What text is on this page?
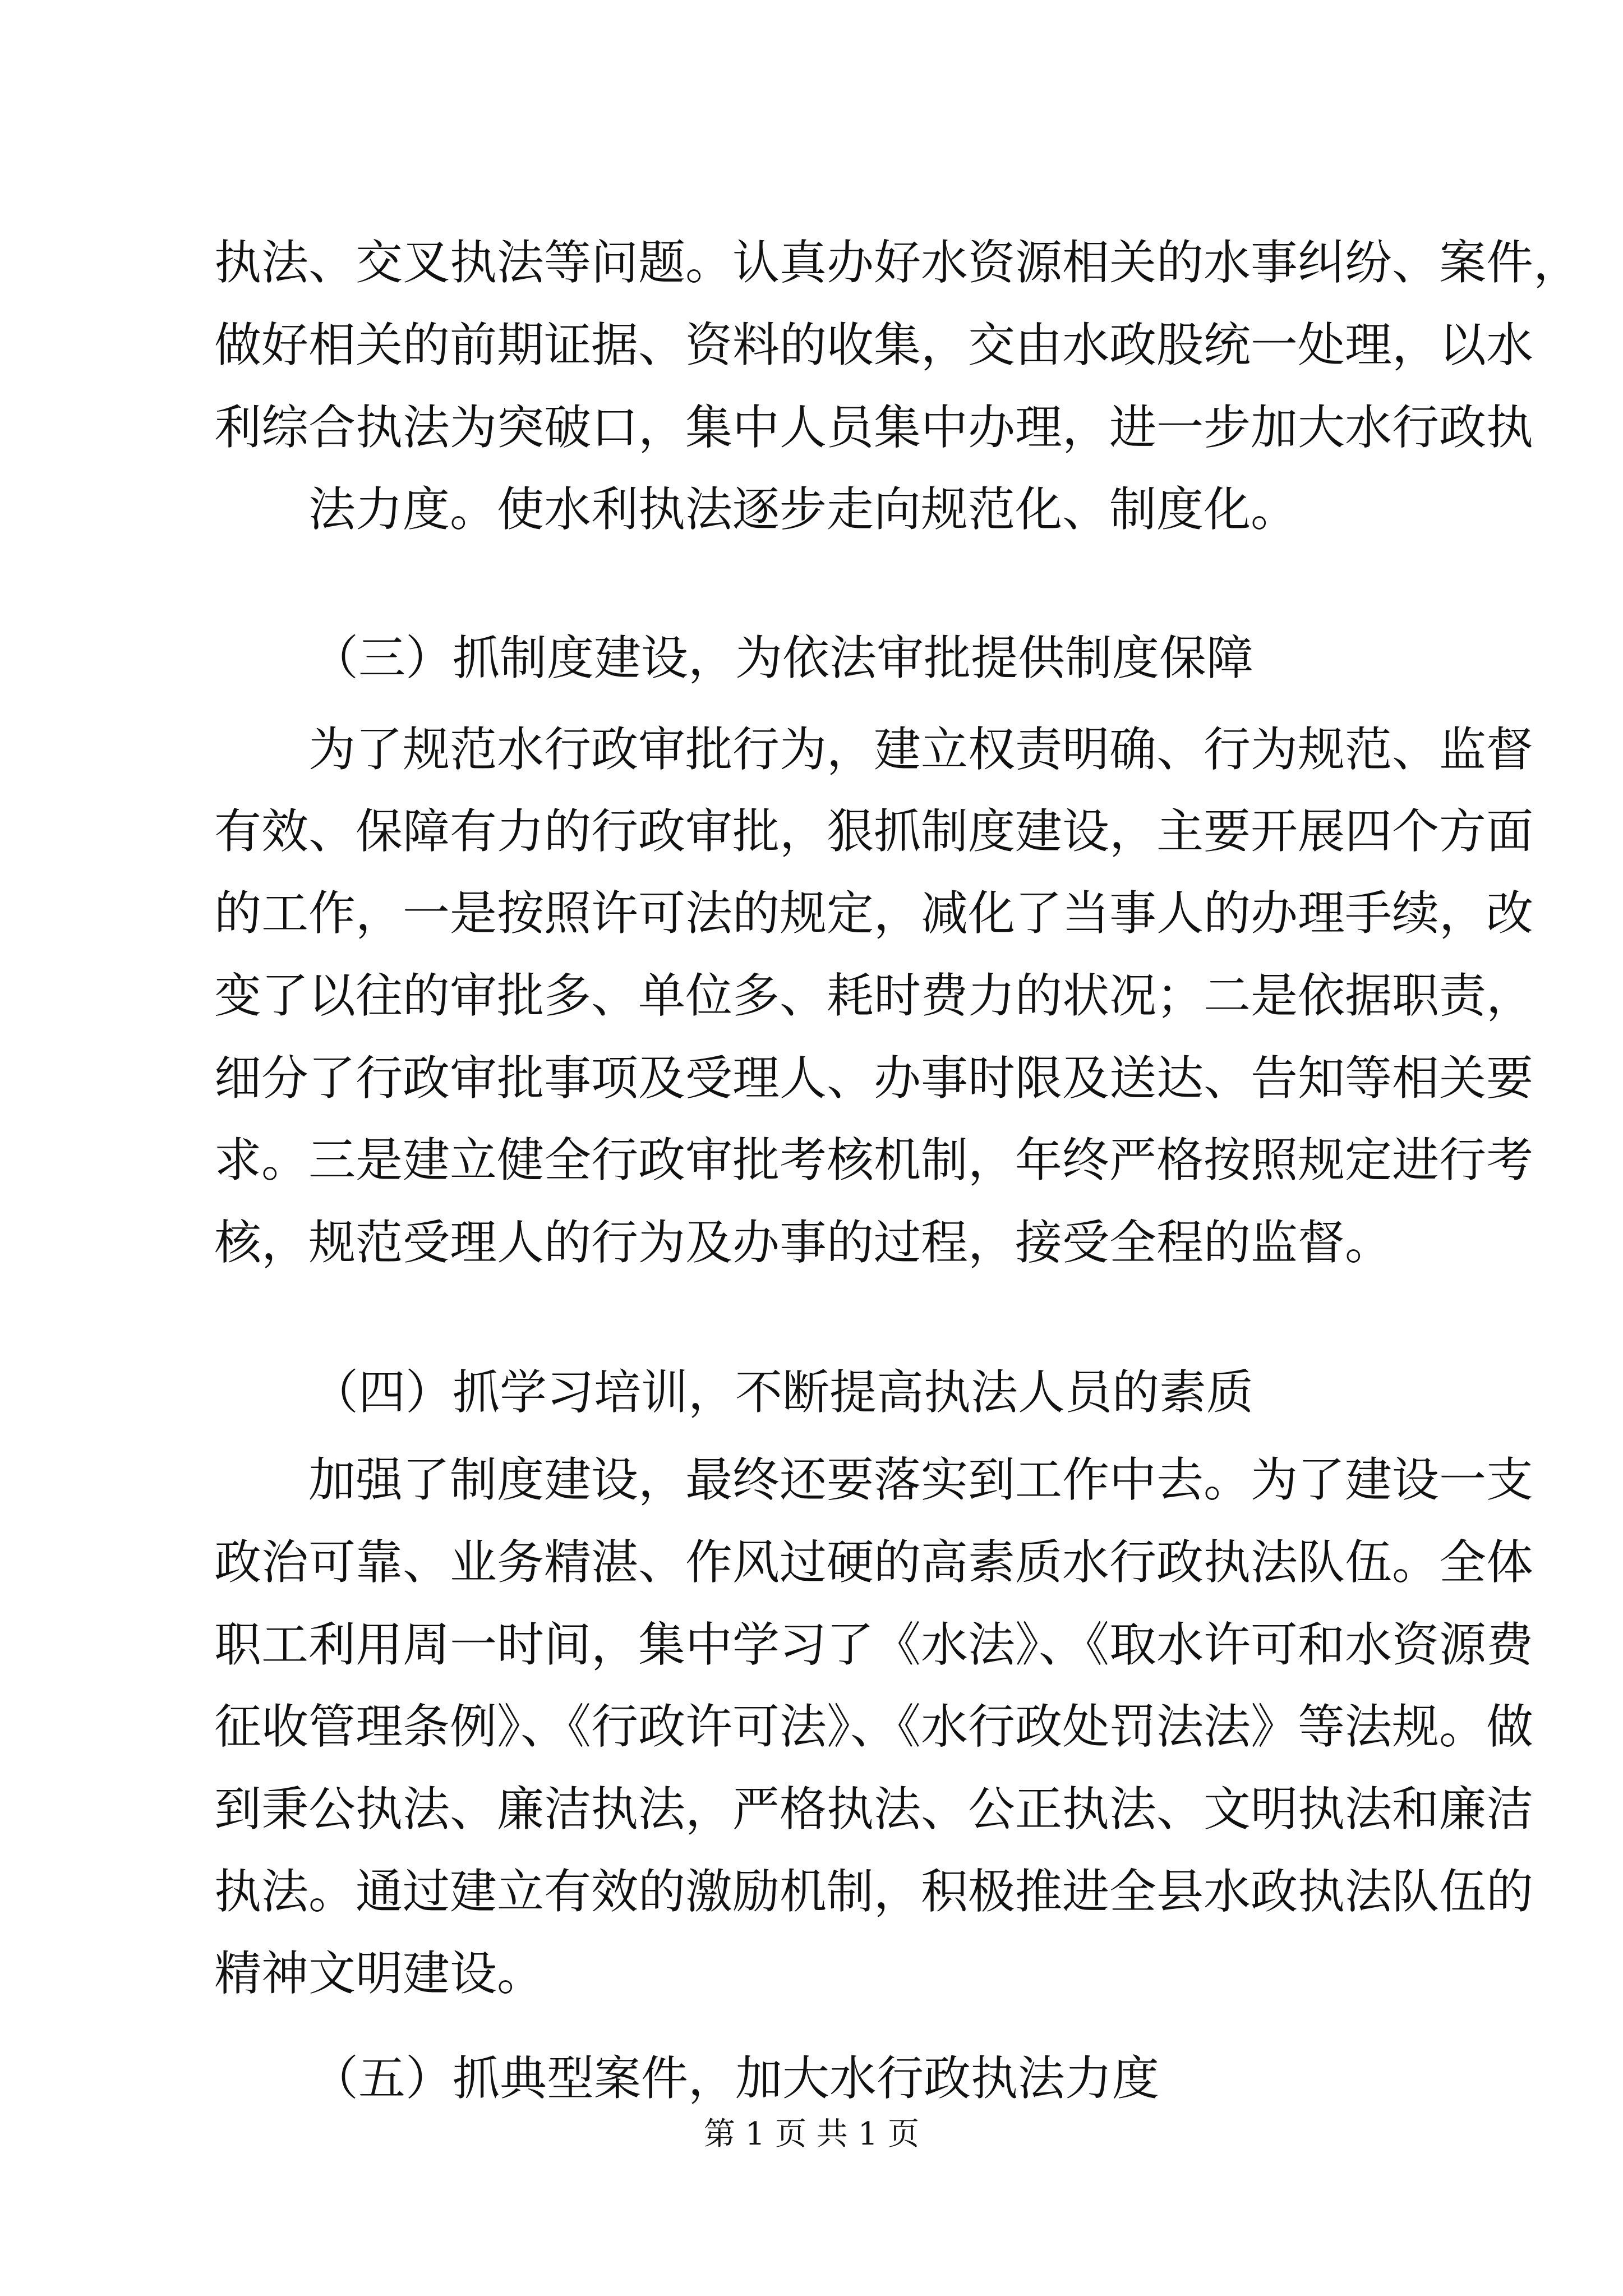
执法、交叉执法等问题。认真办好水资源相关的水事纠纷、案件，
做好相关的前期证据、资料的收集，交由水政股统一处理，以水
利综合执法为突破口，集中人员集中办理，进一步加大水行政执
法力度。使水利执法逐步走向规范化、制度化。
（三）抓制度建设，为依法审批提供制度保障
为了规范水行政审批行为，建立权责明确、行为规范、监督
有效、保障有力的行政审批，狠抓制度建设，主要开展四个方面
的工作，一是按照许可法的规定，减化了当事人的办理手续，改
变了以往的审批多、单位多、耗时费力的状况；二是依据职责，
细分了行政审批事项及受理人、办事时限及送达、告知等相关要
求。三是建立健全行政审批考核机制，年终严格按照规定进行考
核，规范受理人的行为及办事的过程，接受全程的监督。
（四）抓学习培训，不断提高执法人员的素质
加强了制度建设，最终还要落实到工作中去。为了建设一支
政治可靠、业务精湛、作风过硬的高素质水行政执法队伍。全体
职工利用周一时间，集中学习了《水法》、《取水许可和水资源费
征收管理条例》、《行政许可法》、《水行政处罚法法》等法规。做
到秉公执法、廉洁执法，严格执法、公正执法、文明执法和廉洁
执法。通过建立有效的激励机制，积极推进全县水政执法队伍的
精神文明建设。
（五）抓典型案件，加大水行政执法力度
第 1 页 共 1 页
